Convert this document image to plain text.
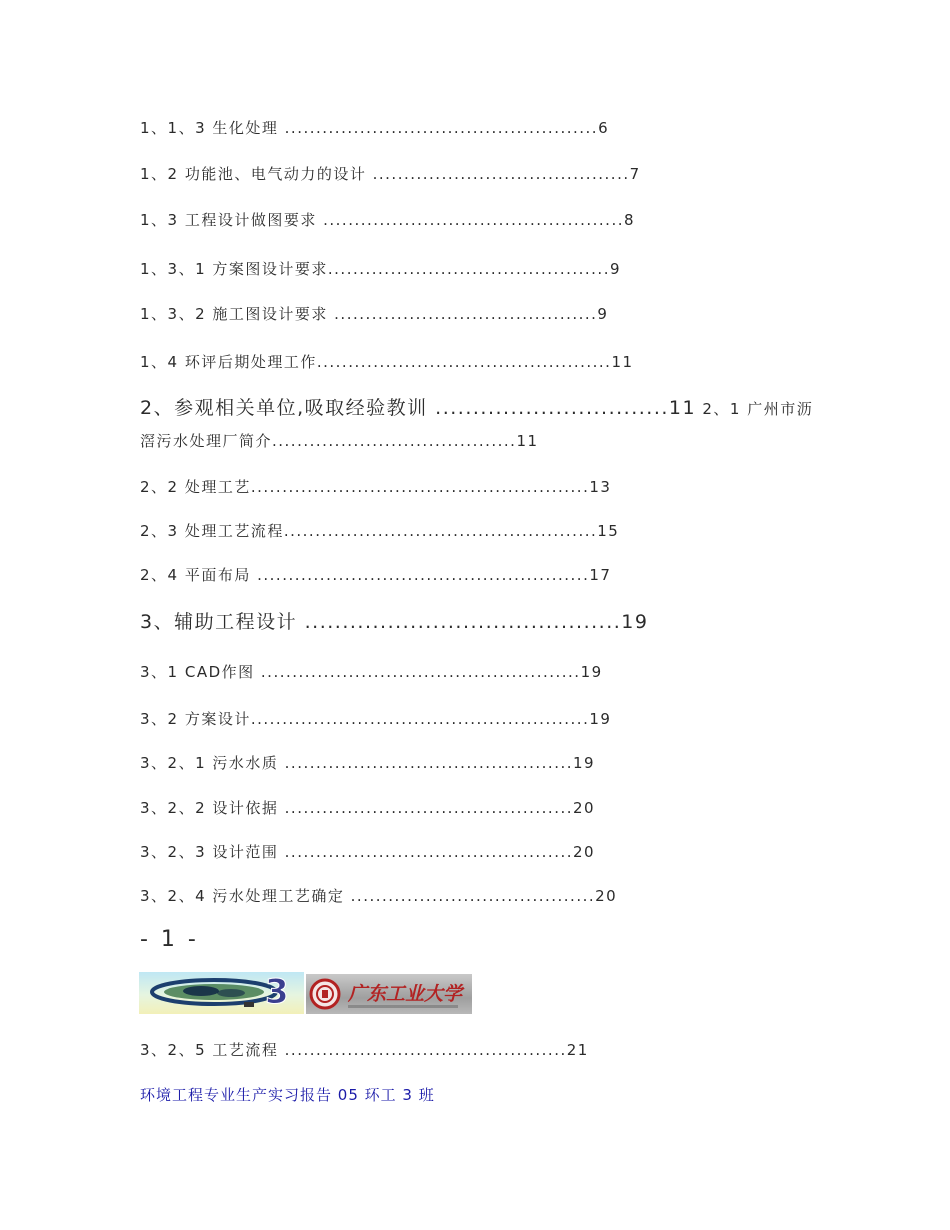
1、1、3 生化处理 ..................................................6
1、2 功能池、电气动力的设计 .........................................7
1、3 工程设计做图要求 ................................................8
1、3、1 方案图设计要求.............................................9
1、3、2 施工图设计要求 ..........................................9
1、4 环评后期处理工作...............................................11
2、参观相关单位,吸取经验教训 ...............................11 2、1 广州市沥
滘污水处理厂简介.......................................11
2、2 处理工艺......................................................13
2、3 处理工艺流程..................................................15
2、4 平面布局 .....................................................17
3、辅助工程设计 ..........................................19
3、1 CAD作图 ...................................................19
3、2 方案设计......................................................19
3、2、1 污水水质 ..............................................19
3、2、2 设计依据 ..............................................20
3、2、3 设计范围 ..............................................20
3、2、4 污水处理工艺确定 .......................................20
- 1 -
3	广东工业大学
3、2、5 工艺流程 .............................................21
环境工程专业生产实习报告 05 环工 3 班
